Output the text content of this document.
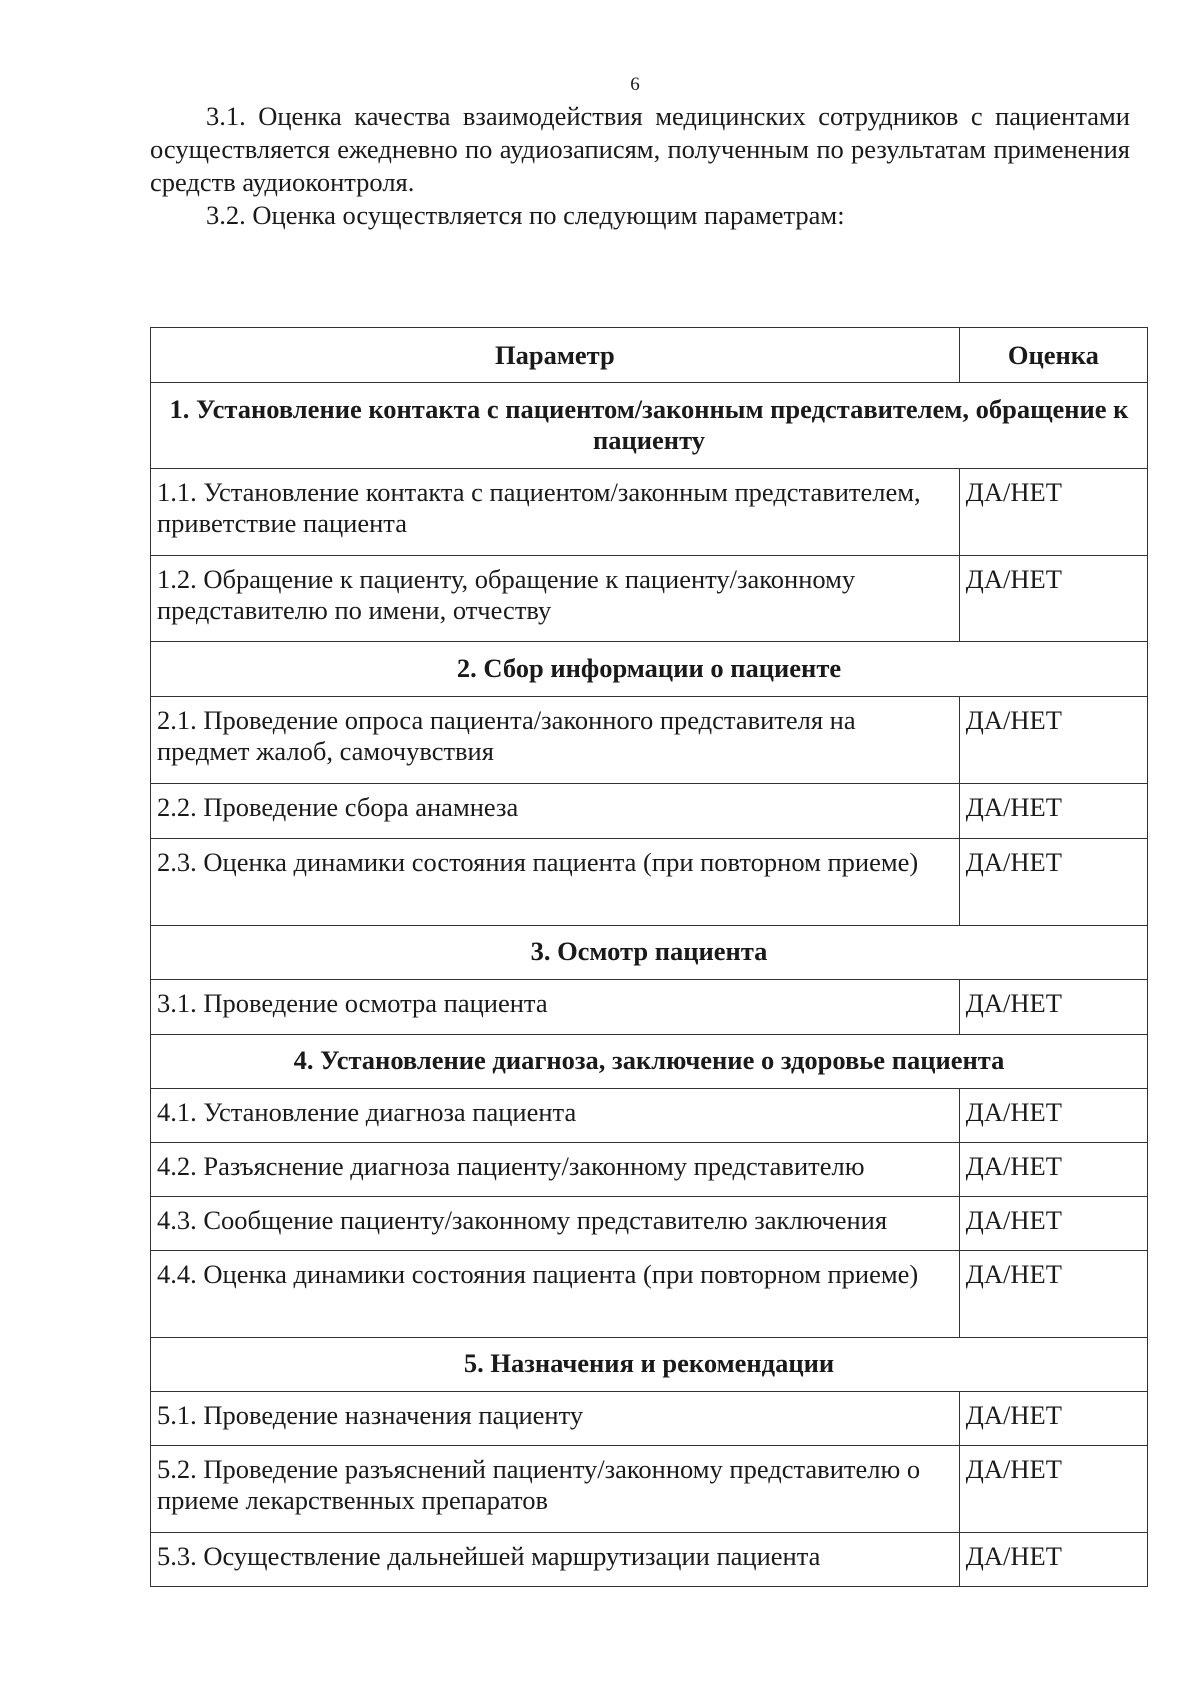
6
3.1. Оценка качества взаимодействия медицинских сотрудников с пациентами осуществляется ежедневно по аудиозаписям, полученным по результатам применения средств аудиоконтроля.
3.2. Оценка осуществляется по следующим параметрам:
Параметр	Оценка
1. Установление контакта с пациентом/законным представителем, обращение к пациенту	
1.1. Установление контакта с пациентом/законным представителем, приветствие пациента	ДА/НЕТ
1.2. Обращение к пациенту, обращение к пациенту/законному представителю по имени, отчеству	ДА/НЕТ
2. Сбор информации о пациенте	
2.1. Проведение опроса пациента/законного представителя на предмет жалоб, самочувствия	ДА/НЕТ
2.2. Проведение сбора анамнеза	ДА/НЕТ
2.3. Оценка динамики состояния пациента (при повторном приеме)	ДА/НЕТ
3. Осмотр пациента	
3.1. Проведение осмотра пациента	ДА/НЕТ
4. Установление диагноза, заключение о здоровье пациента	
4.1. Установление диагноза пациента	ДА/НЕТ
4.2. Разъяснение диагноза пациенту/законному представителю	ДА/НЕТ
4.3. Сообщение пациенту/законному представителю заключения	ДА/НЕТ
4.4. Оценка динамики состояния пациента (при повторном приеме)	ДА/НЕТ
5. Назначения и рекомендации	
5.1. Проведение назначения пациенту	ДА/НЕТ
5.2. Проведение разъяснений пациенту/законному представителю о приеме лекарственных препаратов	ДА/НЕТ
5.3. Осуществление дальнейшей маршрутизации пациента	ДА/НЕТ
